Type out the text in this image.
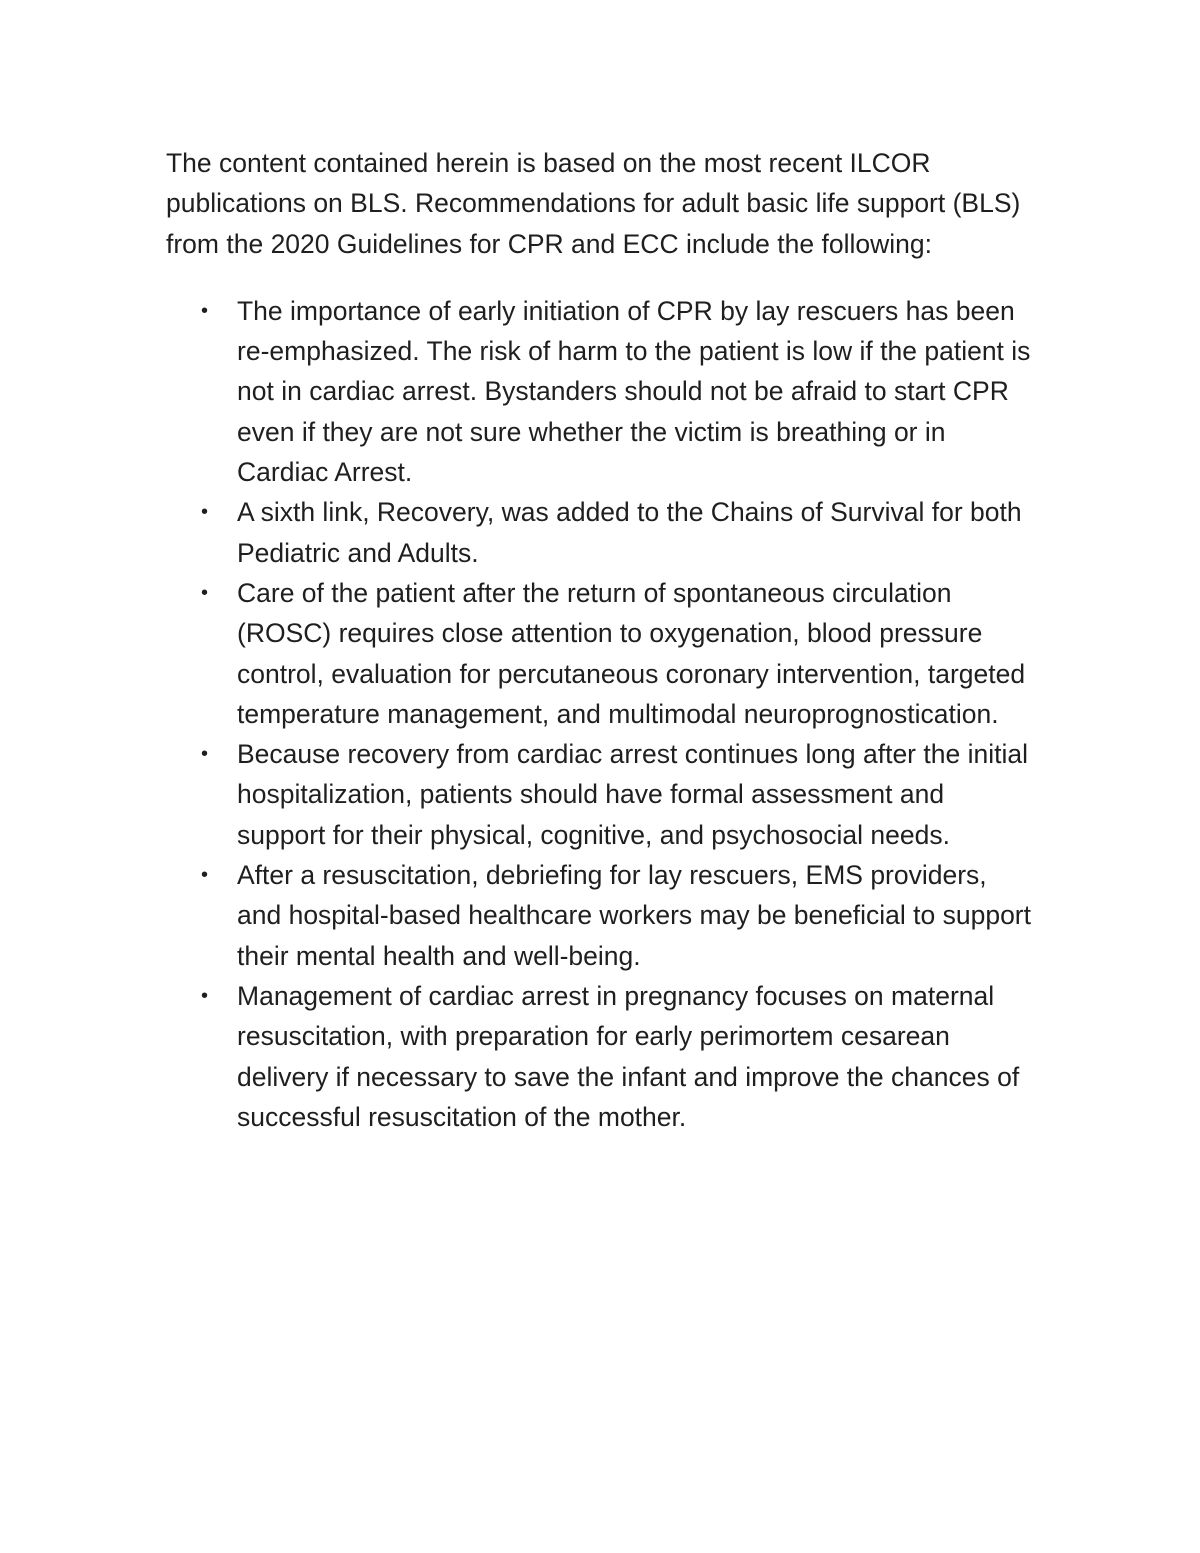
The content contained herein is based on the most recent ILCOR publications on BLS. Recommendations for adult basic life support (BLS) from the 2020 Guidelines for CPR and ECC include the following:

• The importance of early initiation of CPR by lay rescuers has been re-emphasized. The risk of harm to the patient is low if the patient is not in cardiac arrest. Bystanders should not be afraid to start CPR even if they are not sure whether the victim is breathing or in Cardiac Arrest.
• A sixth link, Recovery, was added to the Chains of Survival for both Pediatric and Adults.
• Care of the patient after the return of spontaneous circulation (ROSC) requires close attention to oxygenation, blood pressure control, evaluation for percutaneous coronary intervention, targeted temperature management, and multimodal neuroprognostication.
• Because recovery from cardiac arrest continues long after the initial hospitalization, patients should have formal assessment and support for their physical, cognitive, and psychosocial needs.
• After a resuscitation, debriefing for lay rescuers, EMS providers, and hospital-based healthcare workers may be beneficial to support their mental health and well-being.
• Management of cardiac arrest in pregnancy focuses on maternal resuscitation, with preparation for early perimortem cesarean delivery if necessary to save the infant and improve the chances of successful resuscitation of the mother.
